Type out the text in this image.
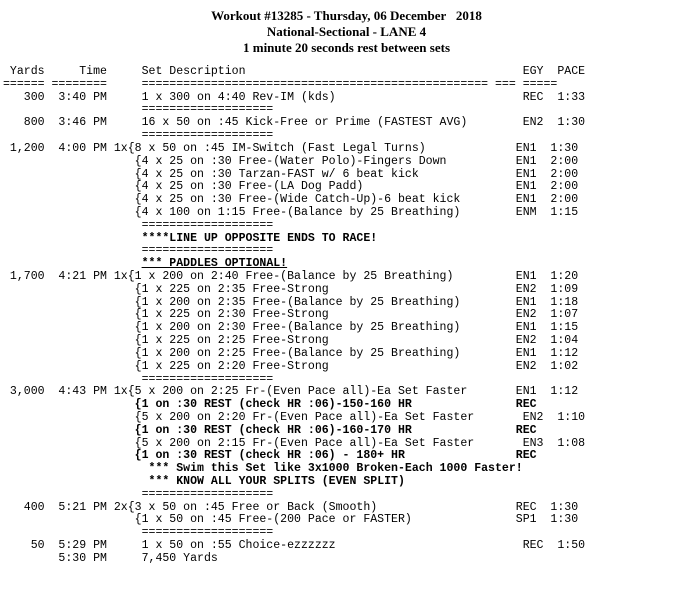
Workout #13285 - Thursday, 06 December   2018
National-Sectional - LANE 4
1 minute 20 seconds rest between sets
Yards     Time     Set Description                                        EGY  PACE
====== ========     ================================================== === =====
300  3:40 PM     1 x 300 on 4:40 Rev-IM (kds)                           REC  1:33
===================
800  3:46 PM     16 x 50 on :45 Kick-Free or Prime (FASTEST AVG)        EN2  1:30
===================
1,200  4:00 PM 1x{8 x 50 on :45 IM-Switch (Fast Legal Turns)             EN1  1:30
{4 x 25 on :30 Free-(Water Polo)-Fingers Down          EN1  2:00
{4 x 25 on :30 Tarzan-FAST w/ 6 beat kick              EN1  2:00
{4 x 25 on :30 Free-(LA Dog Padd)                      EN1  2:00
{4 x 25 on :30 Free-(Wide Catch-Up)-6 beat kick        EN1  2:00
{4 x 100 on 1:15 Free-(Balance by 25 Breathing)        ENM  1:15
===================
****LINE UP OPPOSITE ENDS TO RACE!
===================
*** PADDLES OPTIONAL!
1,700  4:21 PM 1x{1 x 200 on 2:40 Free-(Balance by 25 Breathing)         EN1  1:20
{1 x 225 on 2:35 Free-Strong                           EN2  1:09
{1 x 200 on 2:35 Free-(Balance by 25 Breathing)        EN1  1:18
{1 x 225 on 2:30 Free-Strong                           EN2  1:07
{1 x 200 on 2:30 Free-(Balance by 25 Breathing)        EN1  1:15
{1 x 225 on 2:25 Free-Strong                           EN2  1:04
{1 x 200 on 2:25 Free-(Balance by 25 Breathing)        EN1  1:12
{1 x 225 on 2:20 Free-Strong                           EN2  1:02
===================
3,000  4:43 PM 1x{5 x 200 on 2:25 Fr-(Even Pace all)-Ea Set Faster       EN1  1:12
{1 on :30 REST (check HR :06)-150-160 HR               REC
{5 x 200 on 2:20 Fr-(Even Pace all)-Ea Set Faster       EN2  1:10
{1 on :30 REST (check HR :06)-160-170 HR               REC
{5 x 200 on 2:15 Fr-(Even Pace all)-Ea Set Faster       EN3  1:08
{1 on :30 REST (check HR :06) - 180+ HR                REC
*** Swim this Set like 3x1000 Broken-Each 1000 Faster!
*** KNOW ALL YOUR SPLITS (EVEN SPLIT)
===================
400  5:21 PM 2x{3 x 50 on :45 Free or Back (Smooth)                    REC  1:30
{1 x 50 on :45 Free-(200 Pace or FASTER)               SP1  1:30
===================
50  5:29 PM     1 x 50 on :55 Choice-ezzzzzz                           REC  1:50
5:30 PM     7,450 Yards
